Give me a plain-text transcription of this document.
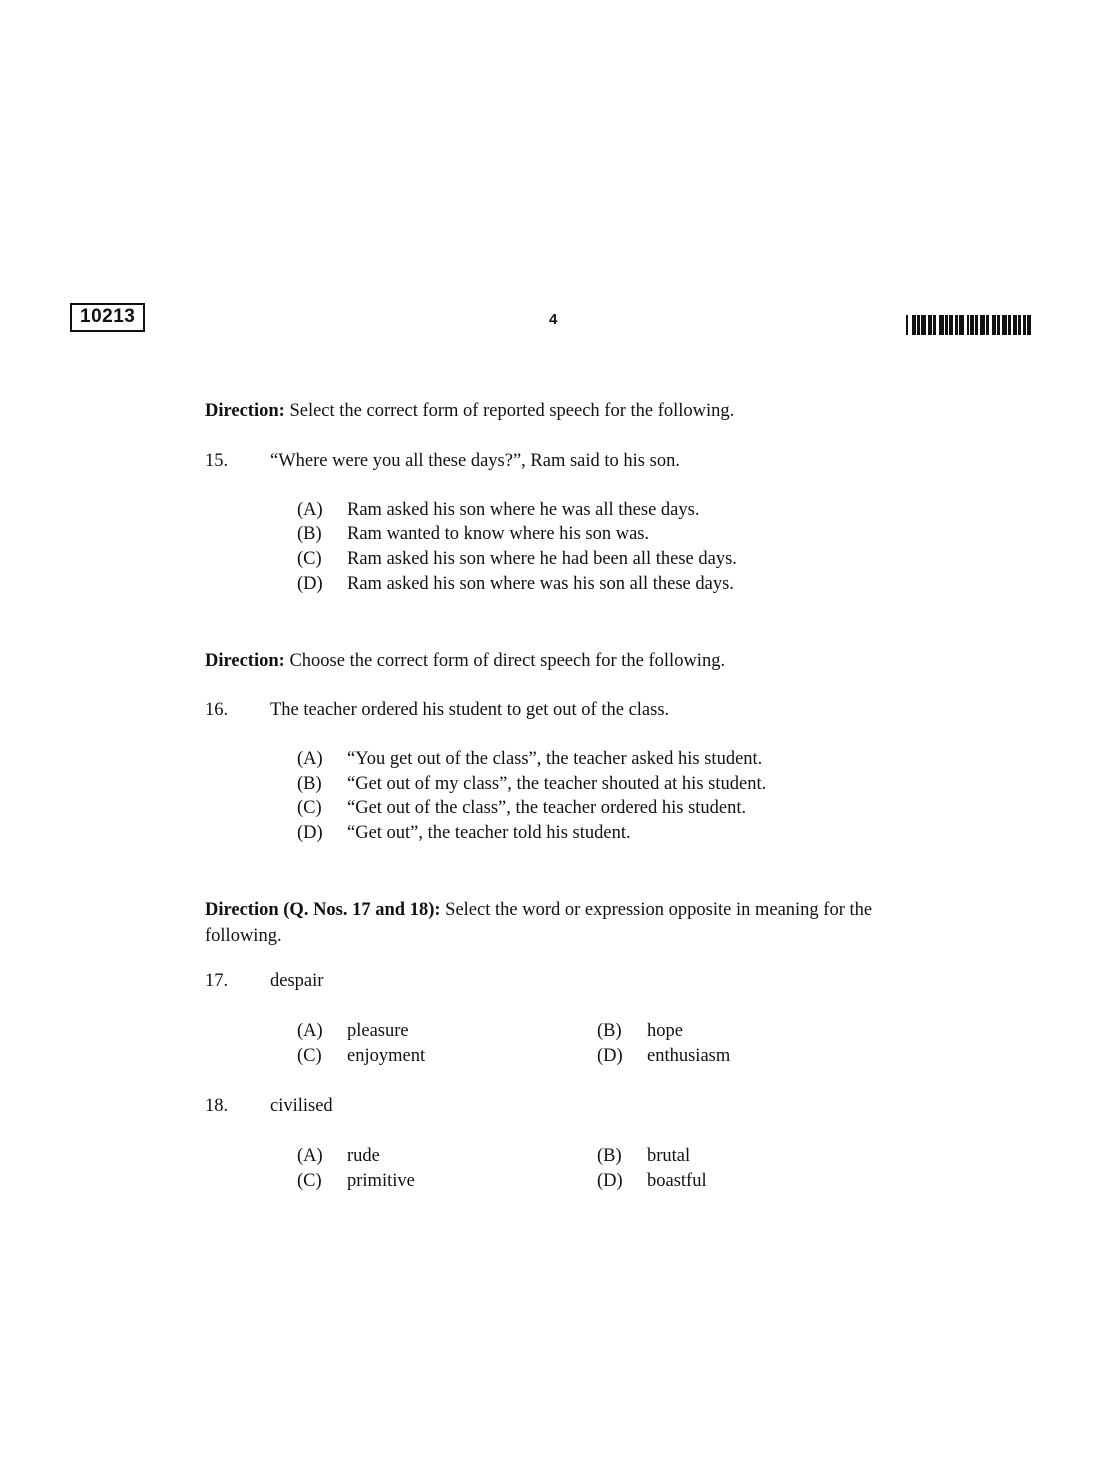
10213	4
Direction: Select the correct form of reported speech for the following.
15. “Where were you all these days?”, Ram said to his son.
(A) Ram asked his son where he was all these days.
(B) Ram wanted to know where his son was.
(C) Ram asked his son where he had been all these days.
(D) Ram asked his son where was his son all these days.
Direction: Choose the correct form of direct speech for the following.
16. The teacher ordered his student to get out of the class.
(A) “You get out of the class”, the teacher asked his student.
(B) “Get out of my class”, the teacher shouted at his student.
(C) “Get out of the class”, the teacher ordered his student.
(D) “Get out”, the teacher told his student.
Direction (Q. Nos. 17 and 18): Select the word or expression opposite in meaning for the following.
17. despair
(A) pleasure	(B) hope
(C) enjoyment	(D) enthusiasm
18. civilised
(A) rude	(B) brutal
(C) primitive	(D) boastful
